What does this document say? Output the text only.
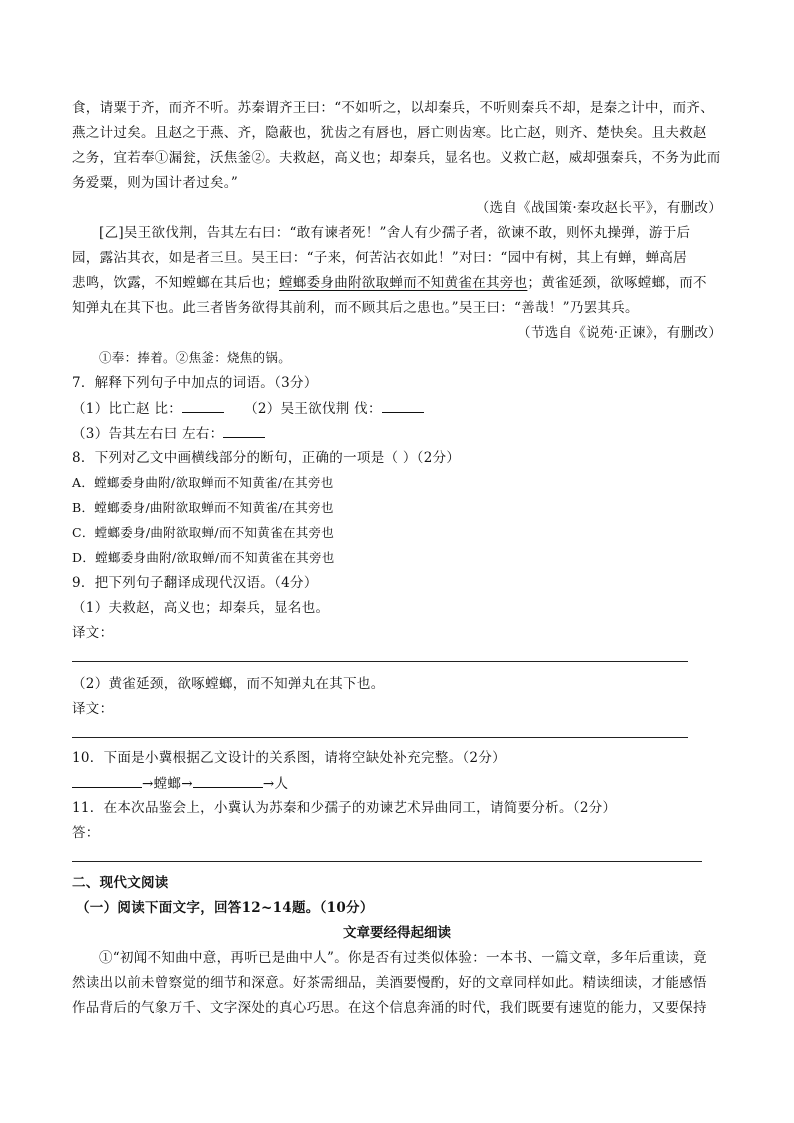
食，请粟于齐，而齐不听。苏秦谓齐王曰：“不如听之，以却秦兵，不听则秦兵不却，是秦之计中，而齐、
燕之计过矣。且赵之于燕、齐，隐蔽也，犹齿之有唇也，唇亡则齿寒。比亡赵，则齐、楚快矣。且夫救赵
之务，宜若奉①漏瓮，沃焦釜②。夫救赵，高义也；却秦兵，显名也。义救亡赵，威却强秦兵，不务为此而
务爱粟，则为国计者过矣。”
（选自《战国策·秦攻赵长平》，有删改）
[乙]吴王欲伐荆，告其左右曰：“敢有谏者死！”舍人有少孺子者，欲谏不敢，则怀丸操弹，游于后
园，露沾其衣，如是者三旦。吴王曰：“子来，何苦沾衣如此！”对曰：“园中有树，其上有蝉，蝉高居
悲鸣，饮露，不知螳螂在其后也；螳螂委身曲附欲取蝉而不知黄雀在其旁也；黄雀延颈，欲啄螳螂，而不
知弹丸在其下也。此三者皆务欲得其前利，而不顾其后之患也。”吴王曰：“善哉！”乃罢其兵。
（节选自《说苑·正谏》，有删改）
①奉：捧着。②焦釜：烧焦的锅。
7．解释下列句子中加点的词语。（3分）
（1）比亡赵 比：	（2）吴王欲伐荆 伐：
（3）告其左右曰 左右：
8．下列对乙文中画横线部分的断句，正确的一项是（ ）（2分）
A．螳螂委身曲附/欲取蝉而不知黄雀/在其旁也
B．螳螂委身/曲附欲取蝉而不知黄雀/在其旁也
C．螳螂委身/曲附欲取蝉/而不知黄雀在其旁也
D．螳螂委身曲附/欲取蝉/而不知黄雀在其旁也
9．把下列句子翻译成现代汉语。（4分）
（1）夫救赵，高义也；却秦兵，显名也。
译文：
（2）黄雀延颈，欲啄螳螂，而不知弹丸在其下也。
译文：
10．下面是小冀根据乙文设计的关系图，请将空缺处补充完整。（2分）
→螳螂→	→人
11．在本次品鉴会上，小冀认为苏秦和少孺子的劝谏艺术异曲同工，请简要分析。（2分）
答：
二、现代文阅读
（一）阅读下面文字，回答12~14题。（10分）
文章要经得起细读
①“初闻不知曲中意，再听已是曲中人”。你是否有过类似体验：一本书、一篇文章，多年后重读，竟
然读出以前未曾察觉的细节和深意。好茶需细品，美酒要慢酌，好的文章同样如此。精读细读，才能感悟
作品背后的气象万千、文字深处的真心巧思。在这个信息奔涌的时代，我们既要有速览的能力，又要保持
